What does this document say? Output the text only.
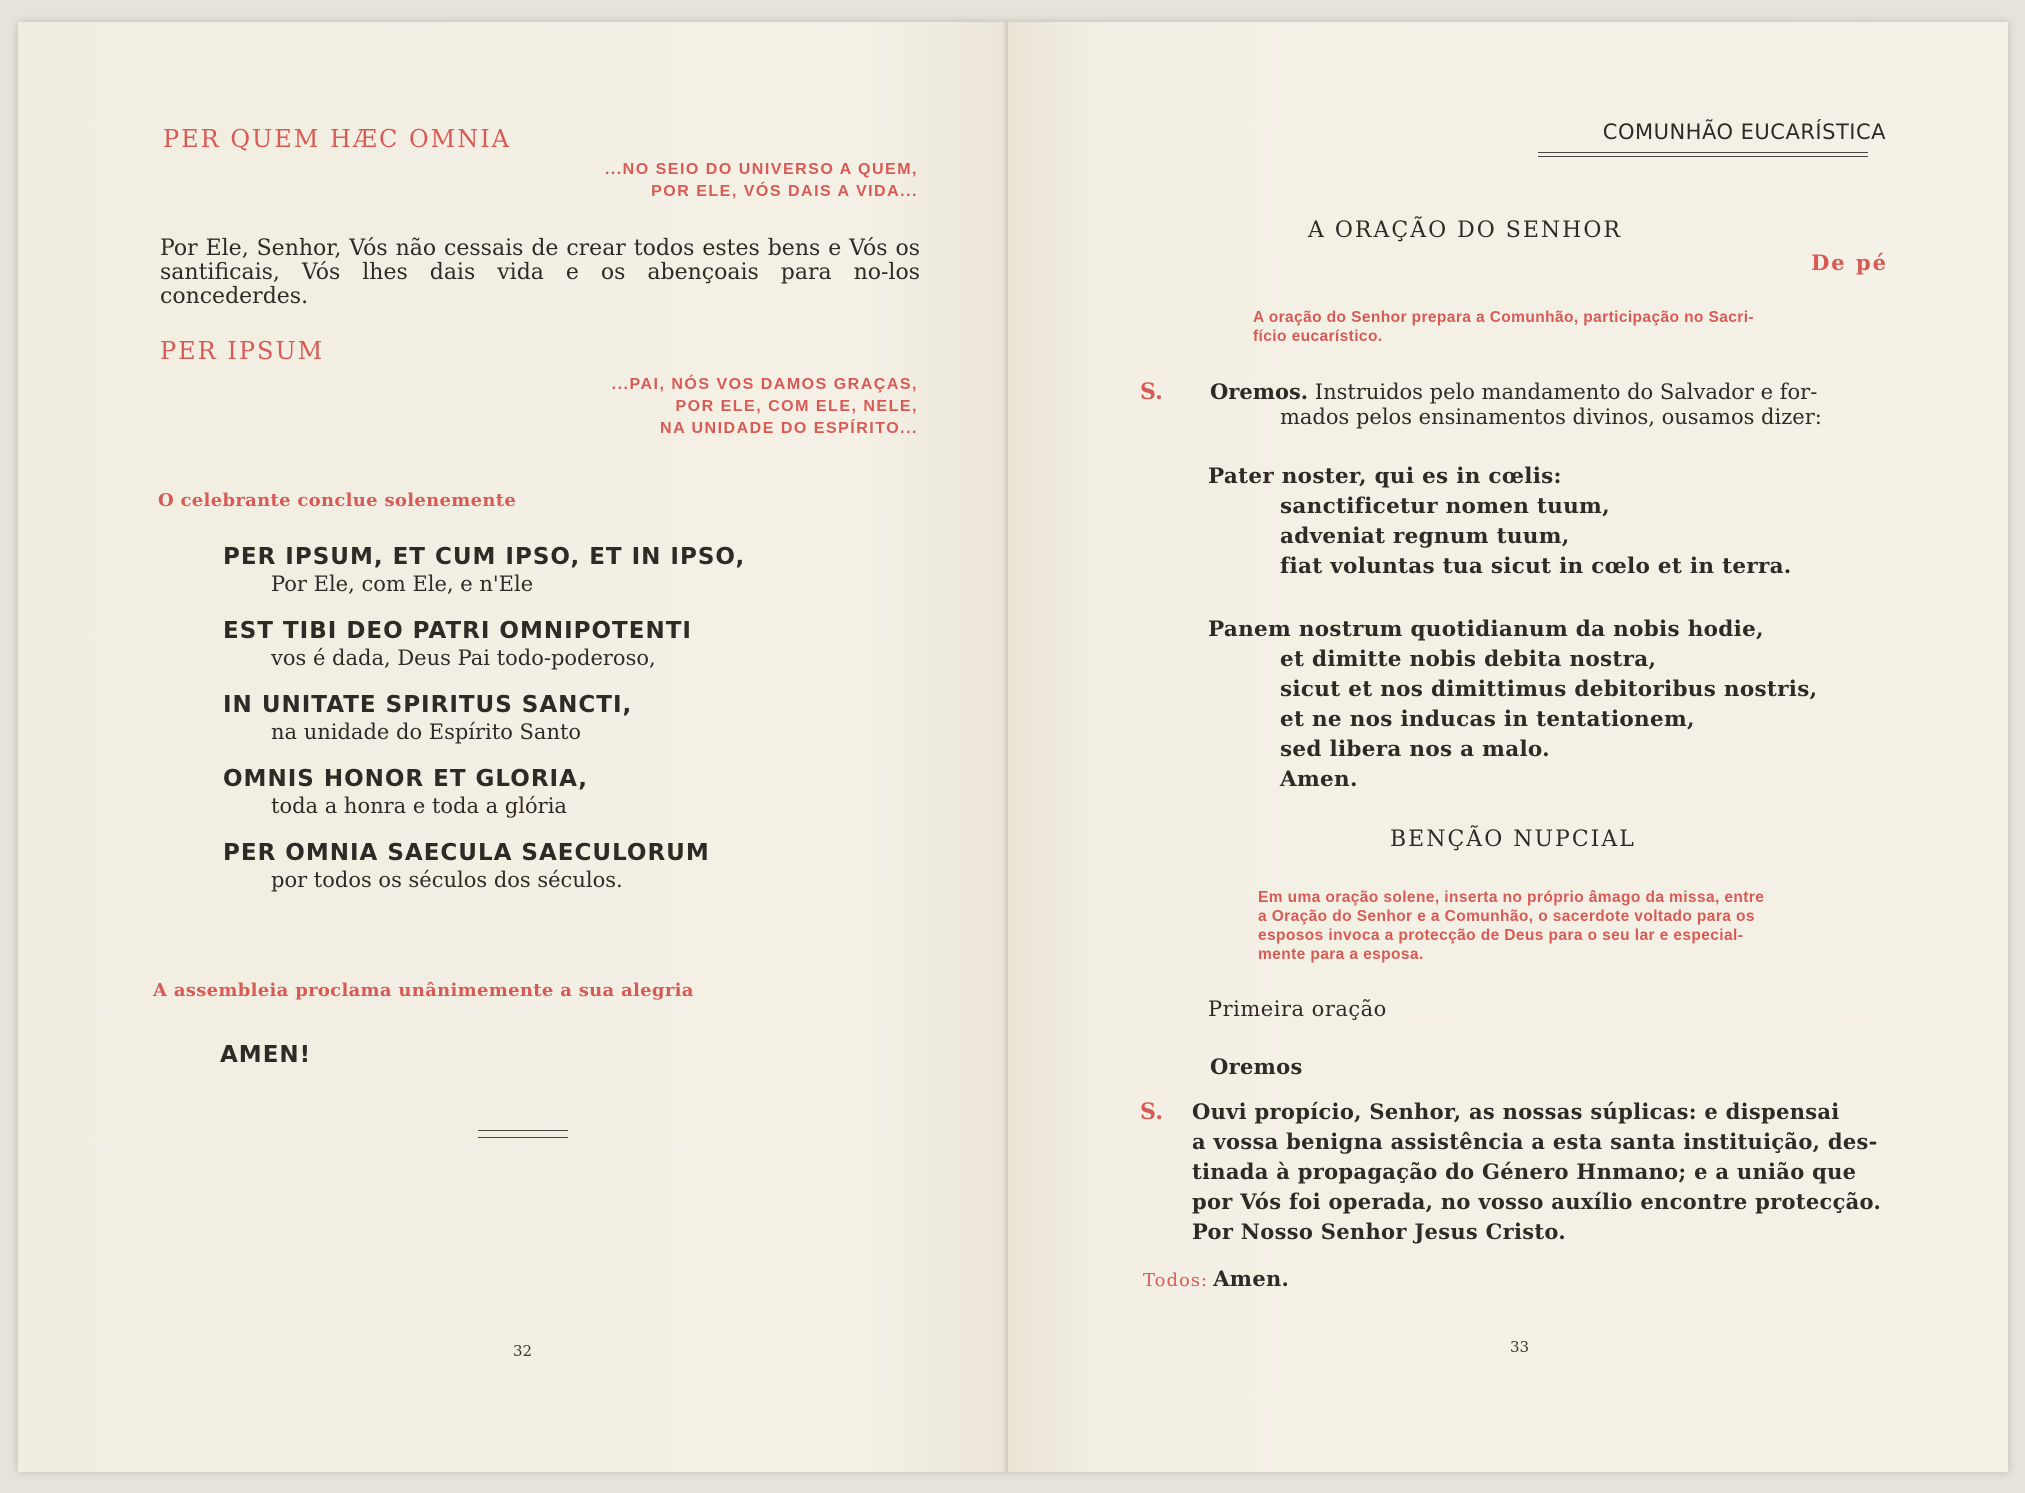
PER QUEM HÆC OMNIA
...NO SEIO DO UNIVERSO A QUEM,
POR ELE, VÓS DAIS A VIDA...
Por Ele, Senhor, Vós não cessais de crear todos estes bens e Vós os santificais, Vós lhes dais vida e os abençoais para no-los concederdes.
PER IPSUM
...PAI, NÓS VOS DAMOS GRAÇAS,
POR ELE, COM ELE, NELE,
NA UNIDADE DO ESPÍRITO...
O celebrante conclue solenemente
PER IPSUM, ET CUM IPSO, ET IN IPSO,
Por Ele, com Ele, e n'Ele
EST TIBI DEO PATRI OMNIPOTENTI
vos é dada, Deus Pai todo-poderoso,
IN UNITATE SPIRITUS SANCTI,
na unidade do Espírito Santo
OMNIS HONOR ET GLORIA,
toda a honra e toda a glória
PER OMNIA SAECULA SAECULORUM
por todos os séculos dos séculos.
A assembleia proclama unânimemente a sua alegria
AMEN!
32
COMUNHÃO EUCARÍSTICA
A ORAÇÃO DO SENHOR
De pé
A oração do Senhor prepara a Comunhão, participação no Sacri-
fício eucarístico.
S. Oremos. Instruidos pelo mandamento do Salvador e for-
mados pelos ensinamentos divinos, ousamos dizer:
Pater noster, qui es in cœlis:
sanctificetur nomen tuum,
adveniat regnum tuum,
fiat voluntas tua sicut in cœlo et in terra.
Panem nostrum quotidianum da nobis hodie,
et dimitte nobis debita nostra,
sicut et nos dimittimus debitoribus nostris,
et ne nos inducas in tentationem,
sed libera nos a malo.
Amen.
BENÇÃO NUPCIAL
Em uma oração solene, inserta no próprio âmago da missa, entre
a Oração do Senhor e a Comunhão, o sacerdote voltado para os
esposos invoca a protecção de Deus para o seu lar e especial-
mente para a esposa.
Primeira oração
Oremos
S. Ouvi propício, Senhor, as nossas súplicas: e dispensai
a vossa benigna assistência a esta santa instituição, des-
tinada à propagação do Género Hnmano; e a união que
por Vós foi operada, no vosso auxílio encontre protecção.
Por Nosso Senhor Jesus Cristo.
Todos: Amen.
33
